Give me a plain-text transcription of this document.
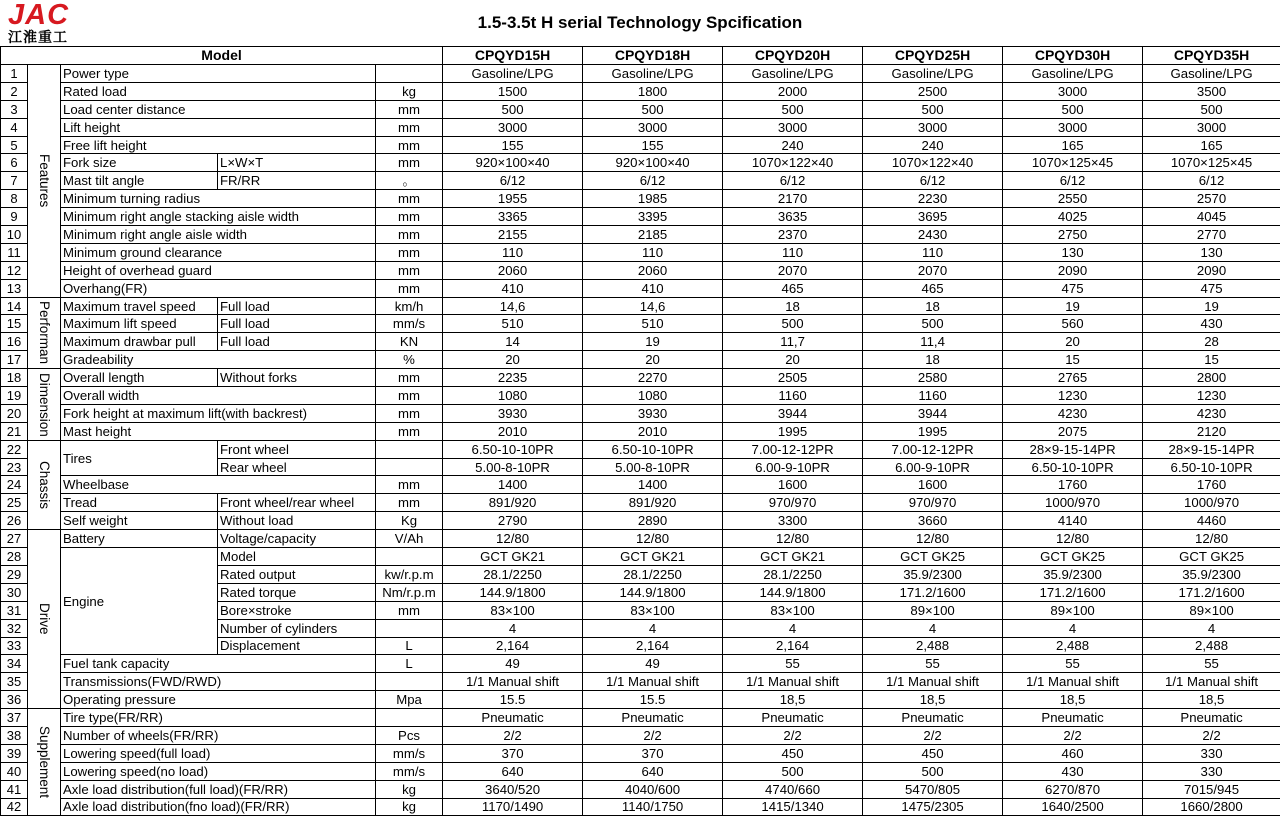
JAC
江淮重工
1.5-3.5t H serial Technology Spcification
Model					CPQYD15H	CPQYD18H	CPQYD20H	CPQYD25H	CPQYD30H	CPQYD35H
1	Features	Power type			Gasoline/LPG	Gasoline/LPG	Gasoline/LPG	Gasoline/LPG	Gasoline/LPG	Gasoline/LPG
2		Rated load		kg	1500	1800	2000	2500	3000	3500
3		Load center distance		mm	500	500	500	500	500	500
4		Lift height		mm	3000	3000	3000	3000	3000	3000
5		Free lift height		mm	155	155	240	240	165	165
6		Fork size	L×W×T	mm	920×100×40	920×100×40	1070×122×40	1070×122×40	1070×125×45	1070×125×45
7		Mast tilt angle	FR/RR	。	6/12	6/12	6/12	6/12	6/12	6/12
8		Minimum turning radius		mm	1955	1985	2170	2230	2550	2570
9		Minimum right angle stacking aisle width		mm	3365	3395	3635	3695	4025	4045
10		Minimum right angle aisle width		mm	2155	2185	2370	2430	2750	2770
11		Minimum ground clearance		mm	110	110	110	110	130	130
12		Height of overhead guard		mm	2060	2060	2070	2070	2090	2090
13		Overhang(FR)		mm	410	410	465	465	475	475
14	Performan	Maximum travel speed	Full load	km/h	14,6	14,6	18	18	19	19
15		Maximum lift speed	Full load	mm/s	510	510	500	500	560	430
16		Maximum drawbar pull	Full load	KN	14	19	11,7	11,4	20	28
17		Gradeability		%	20	20	20	18	15	15
18	Dimension	Overall length	Without forks	mm	2235	2270	2505	2580	2765	2800
19		Overall width		mm	1080	1080	1160	1160	1230	1230
20		Fork height at maximum lift(with backrest)		mm	3930	3930	3944	3944	4230	4230
21		Mast height		mm	2010	2010	1995	1995	2075	2120
22	Chassis	Tires	Front wheel		6.50-10-10PR	6.50-10-10PR	7.00-12-12PR	7.00-12-12PR	28×9-15-14PR	28×9-15-14PR
23			Rear wheel		5.00-8-10PR	5.00-8-10PR	6.00-9-10PR	6.00-9-10PR	6.50-10-10PR	6.50-10-10PR
24		Wheelbase		mm	1400	1400	1600	1600	1760	1760
25		Tread	Front wheel/rear wheel	mm	891/920	891/920	970/970	970/970	1000/970	1000/970
26		Self weight	Without load	Kg	2790	2890	3300	3660	4140	4460
27	Drive	Battery	Voltage/capacity	V/Ah	12/80	12/80	12/80	12/80	12/80	12/80
28		Engine	Model		GCT GK21	GCT GK21	GCT GK21	GCT GK25	GCT GK25	GCT GK25
29			Rated output	kw/r.p.m	28.1/2250	28.1/2250	28.1/2250	35.9/2300	35.9/2300	35.9/2300
30			Rated torque	Nm/r.p.m	144.9/1800	144.9/1800	144.9/1800	171.2/1600	171.2/1600	171.2/1600
31			Bore×stroke	mm	83×100	83×100	83×100	89×100	89×100	89×100
32			Number of cylinders		4	4	4	4	4	4
33			Displacement	L	2,164	2,164	2,164	2,488	2,488	2,488
34		Fuel tank capacity		L	49	49	55	55	55	55
35		Transmissions(FWD/RWD)			1/1 Manual shift	1/1 Manual shift	1/1 Manual shift	1/1 Manual shift	1/1 Manual shift	1/1 Manual shift
36		Operating pressure		Mpa	15.5	15.5	18,5	18,5	18,5	18,5
37	Supplement	Tire type(FR/RR)			Pneumatic	Pneumatic	Pneumatic	Pneumatic	Pneumatic	Pneumatic
38		Number of wheels(FR/RR)		Pcs	2/2	2/2	2/2	2/2	2/2	2/2
39		Lowering speed(full load)		mm/s	370	370	450	450	460	330
40		Lowering speed(no load)		mm/s	640	640	500	500	430	330
41		Axle load distribution(full load)(FR/RR)		kg	3640/520	4040/600	4740/660	5470/805	6270/870	7015/945
42		Axle load distribution(fno load)(FR/RR)		kg	1170/1490	1140/1750	1415/1340	1475/2305	1640/2500	1660/2800
